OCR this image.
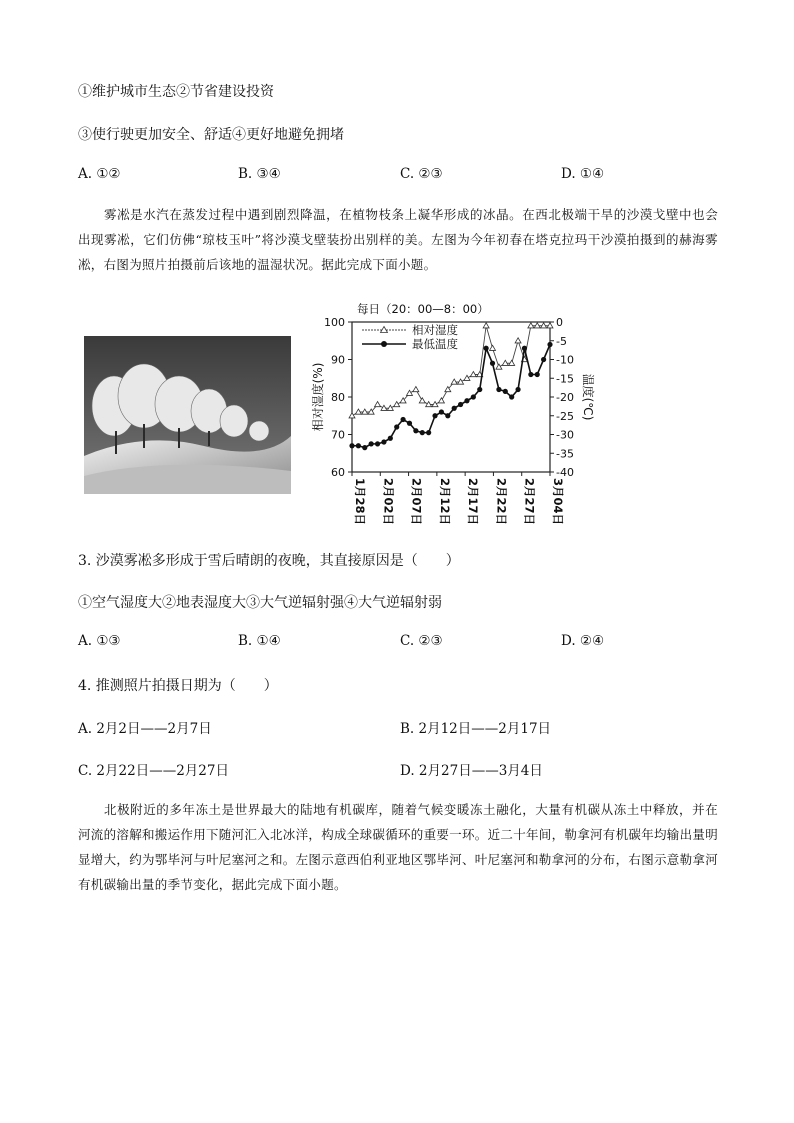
①维护城市生态②节省建设投资
③使行驶更加安全、舒适④更好地避免拥堵
A. ①②	B. ③④	C. ②③	D. ①④

雾凇是水汽在蒸发过程中遇到剧烈降温，在植物枝条上凝华形成的冰晶。在西北极端干旱的沙漠戈壁中也会出现雾凇，它们仿佛“琼枝玉叶”将沙漠戈壁装扮出别样的美。左图为今年初春在塔克拉玛干沙漠拍摄到的赫海雾凇，右图为照片拍摄前后该地的温湿状况。据此完成下面小题。

每日（20：00—8：00）
100
90
80
70
60
0
-5
-10
-15
-20
-25
-30
-35
-40
相对湿度(%)	温度(℃)
1月28日 2月02日 2月07日 2月12日 2月17日 2月22日 2月27日 3月04日
相对湿度
最低温度
3. 沙漠雾凇多形成于雪后晴朗的夜晚，其直接原因是（　　）
①空气湿度大②地表湿度大③大气逆辐射强④大气逆辐射弱
A. ①③	B. ①④	C. ②③	D. ②④
4. 推测照片拍摄日期为（　　）
A. 2月2日——2月7日	B. 2月12日——2月17日
C. 2月22日——2月27日	D. 2月27日——3月4日

北极附近的多年冻土是世界最大的陆地有机碳库，随着气候变暖冻土融化，大量有机碳从冻土中释放，并在河流的溶解和搬运作用下随河汇入北冰洋，构成全球碳循环的重要一环。近二十年间，勒拿河有机碳年均输出量明显增大，约为鄂毕河与叶尼塞河之和。左图示意西伯利亚地区鄂毕河、叶尼塞河和勒拿河的分布，右图示意勒拿河有机碳输出量的季节变化，据此完成下面小题。
